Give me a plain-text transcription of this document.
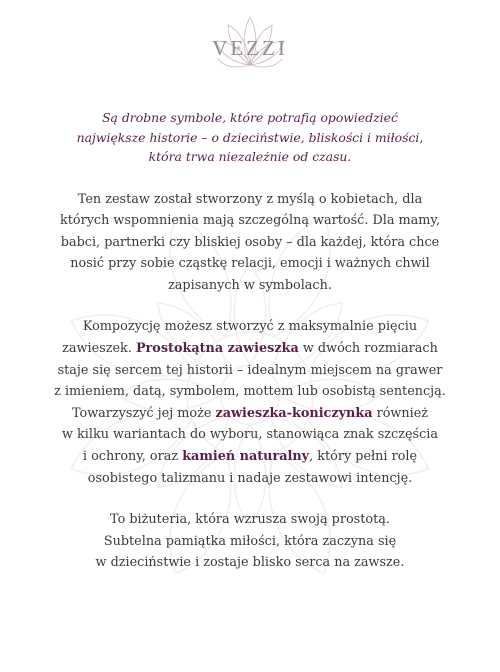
VEZZI

Są drobne symbole, które potrafią opowiedzieć
największe historie – o dzieciństwie, bliskości i miłości,
która trwa niezależnie od czasu.

Ten zestaw został stworzony z myślą o kobietach, dla
których wspomnienia mają szczególną wartość. Dla mamy,
babci, partnerki czy bliskiej osoby – dla każdej, która chce
nosić przy sobie cząstkę relacji, emocji i ważnych chwil
zapisanych w symbolach.

Kompozycję możesz stworzyć z maksymalnie pięciu
zawieszek. Prostokątna zawieszka w dwóch rozmiarach
staje się sercem tej historii – idealnym miejscem na grawer
z imieniem, datą, symbolem, mottem lub osobistą sentencją.
Towarzyszyć jej może zawieszka-koniczynka również
w kilku wariantach do wyboru, stanowiąca znak szczęścia
i ochrony, oraz kamień naturalny, który pełni rolę
osobistego talizmanu i nadaje zestawowi intencję.

To biżuteria, która wzrusza swoją prostotą.
Subtelna pamiątka miłości, która zaczyna się
w dzieciństwie i zostaje blisko serca na zawsze.
